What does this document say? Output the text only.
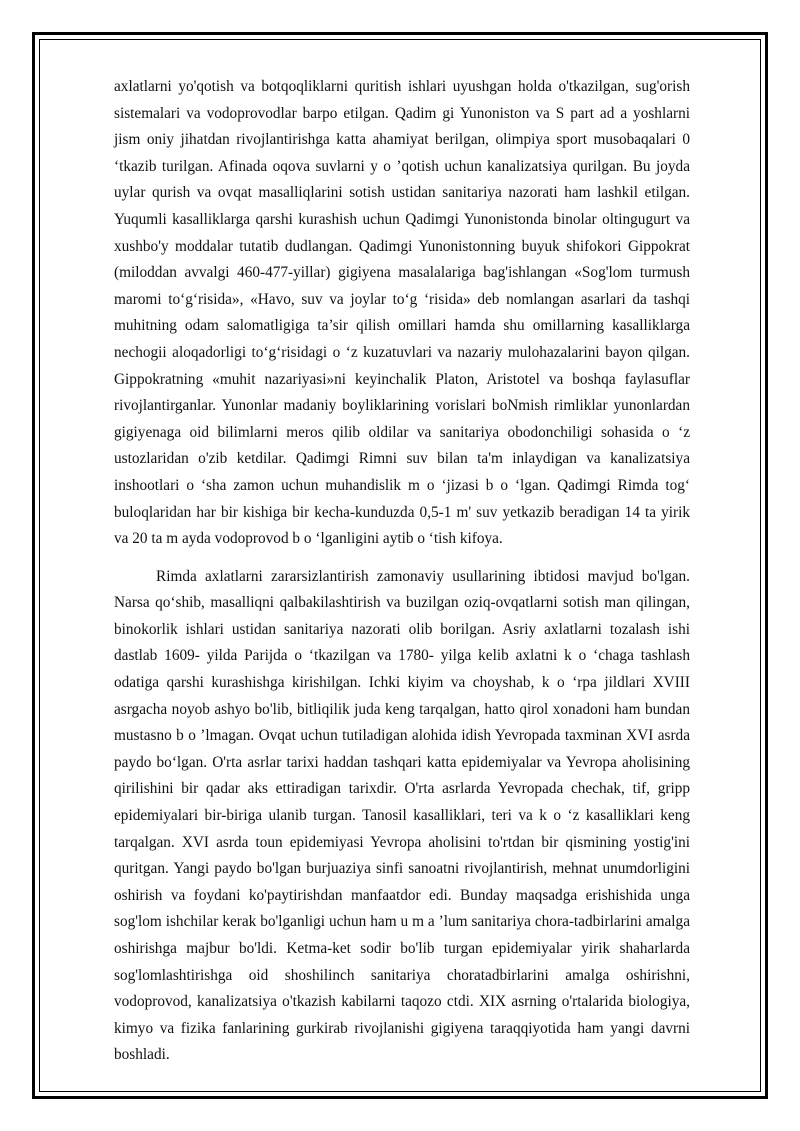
axlatlarni yo'qotish va botqoqliklarni quritish ishlari uyushgan holda o'tkazilgan, sug'orish sistemalari va vodoprovodlar barpo etilgan. Qadim gi Yunoniston va S part ad a yoshlarni jism oniy jihatdan rivojlantirishga katta ahamiyat berilgan, olimpiya sport musobaqalari 0 ‘tkazib turilgan. Afinada oqova suvlarni y o ’qotish uchun kanalizatsiya qurilgan. Bu joyda uylar qurish va ovqat masalliqlarini sotish ustidan sanitariya nazorati ham lashkil etilgan. Yuqumli kasalliklarga qarshi kurashish uchun Qadimgi Yunonistonda binolar oltingugurt va xushbo'y moddalar tutatib dudlangan. Qadimgi Yunonistonning buyuk shifokori Gippokrat (miloddan avvalgi 460-477-yillar) gigiyena masalalariga bag'ishlangan «Sog'lom turmush maromi to‘g‘risida», «Havo, suv va joylar to‘g ‘risida» deb nomlangan asarlari da tashqi muhitning odam salomatligiga ta’sir qilish omillari hamda shu omillarning kasalliklarga nechogii aloqadorligi to‘g‘risidagi o ‘z kuzatuvlari va nazariy mulohazalarini bayon qilgan. Gippokratning «muhit nazariyasi»ni keyinchalik Platon, Aristotel va boshqa faylasuflar rivojlantirganlar. Yunonlar madaniy boyliklarining vorislari boNmish rimliklar yunonlardan gigiyenaga oid bilimlarni meros qilib oldilar va sanitariya obodonchiligi sohasida o ‘z ustozlaridan o'zib ketdilar. Qadimgi Rimni suv bilan ta'm inlaydigan va kanalizatsiya inshootlari o ‘sha zamon uchun muhandislik m o ‘jizasi b o ‘lgan. Qadimgi Rimda tog‘ buloqlaridan har bir kishiga bir kecha-kunduzda 0,5-1 m' suv yetkazib beradigan 14 ta yirik va 20 ta m ayda vodoprovod b o ‘lganligini aytib o ‘tish kifoya.

Rimda axlatlarni zararsizlantirish zamonaviy usullarining ibtidosi mavjud bo'lgan. Narsa qo‘shib, masalliqni qalbakilashtirish va buzilgan oziq-ovqatlarni sotish man qilingan, binokorlik ishlari ustidan sanitariya nazorati olib borilgan. Asriy axlatlarni tozalash ishi dastlab 1609- yilda Parijda o ‘tkazilgan va 1780- yilga kelib axlatni k o ‘chaga tashlash odatiga qarshi kurashishga kirishilgan. Ichki kiyim va choyshab, k o ‘rpa jildlari XVIII asrgacha noyob ashyo bo'lib, bitliqilik juda keng tarqalgan, hatto qirol xonadoni ham bundan mustasno b o ’lmagan. Ovqat uchun tutiladigan alohida idish Yevropada taxminan XVI asrda paydo bo‘lgan. O'rta asrlar tarixi haddan tashqari katta epidemiyalar va Yevropa aholisining qirilishini bir qadar aks ettiradigan tarixdir. O'rta asrlarda Yevropada chechak, tif, gripp epidemiyalari bir-biriga ulanib turgan. Tanosil kasalliklari, teri va k o ‘z kasalliklari keng tarqalgan. XVI asrda toun epidemiyasi Yevropa aholisini to'rtdan bir qismining yostig'ini quritgan. Yangi paydo bo'lgan burjuaziya sinfi sanoatni rivojlantirish, mehnat unumdorligini oshirish va foydani ko'paytirishdan manfaatdor edi. Bunday maqsadga erishishida unga sog'lom ishchilar kerak bo'lganligi uchun ham u m a ’lum sanitariya chora-tadbirlarini amalga oshirishga majbur bo'ldi. Ketma-ket sodir bo'lib turgan epidemiyalar yirik shaharlarda sog'lomlashtirishga oid shoshilinch sanitariya choratadbirlarini amalga oshirishni, vodoprovod, kanalizatsiya o'tkazish kabilarni taqozo ctdi. XIX asrning o'rtalarida biologiya, kimyo va fizika fanlarining gurkirab rivojlanishi gigiyena taraqqiyotida ham yangi davrni boshladi.
